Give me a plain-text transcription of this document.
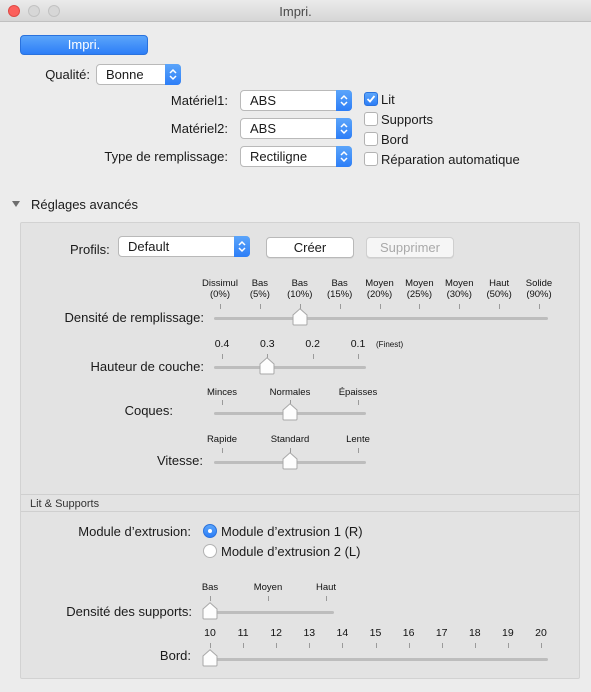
Impri.
Impri.
Qualité:	Bonne
Matériel1:	ABS
Matériel2:	ABS
Type de remplissage:	Rectiligne
Lit
Supports
Bord
Réparation automatique
Réglages avancés
Profils:	Default	Créer	Supprimer
Densité de remplissage:
Dissimul
(0%)
Bas
(5%)
Bas
(10%)
Bas
(15%)
Moyen
(20%)
Moyen
(25%)
Moyen
(30%)
Haut
(50%)
Solide
(90%)
Hauteur de couche:
(Finest)
0.4	0.3	0.2	0.1
Coques:
Minces	Normales	Épaisses
Vitesse:
Rapide	Standard	Lente
Lit & Supports
Module d’extrusion: Module d’extrusion 1 (R)
Module d’extrusion 2 (L)
Densité des supports:
Bas	Moyen	Haut
Bord:
10	11	12	13	14	15	16	17	18	19	20
